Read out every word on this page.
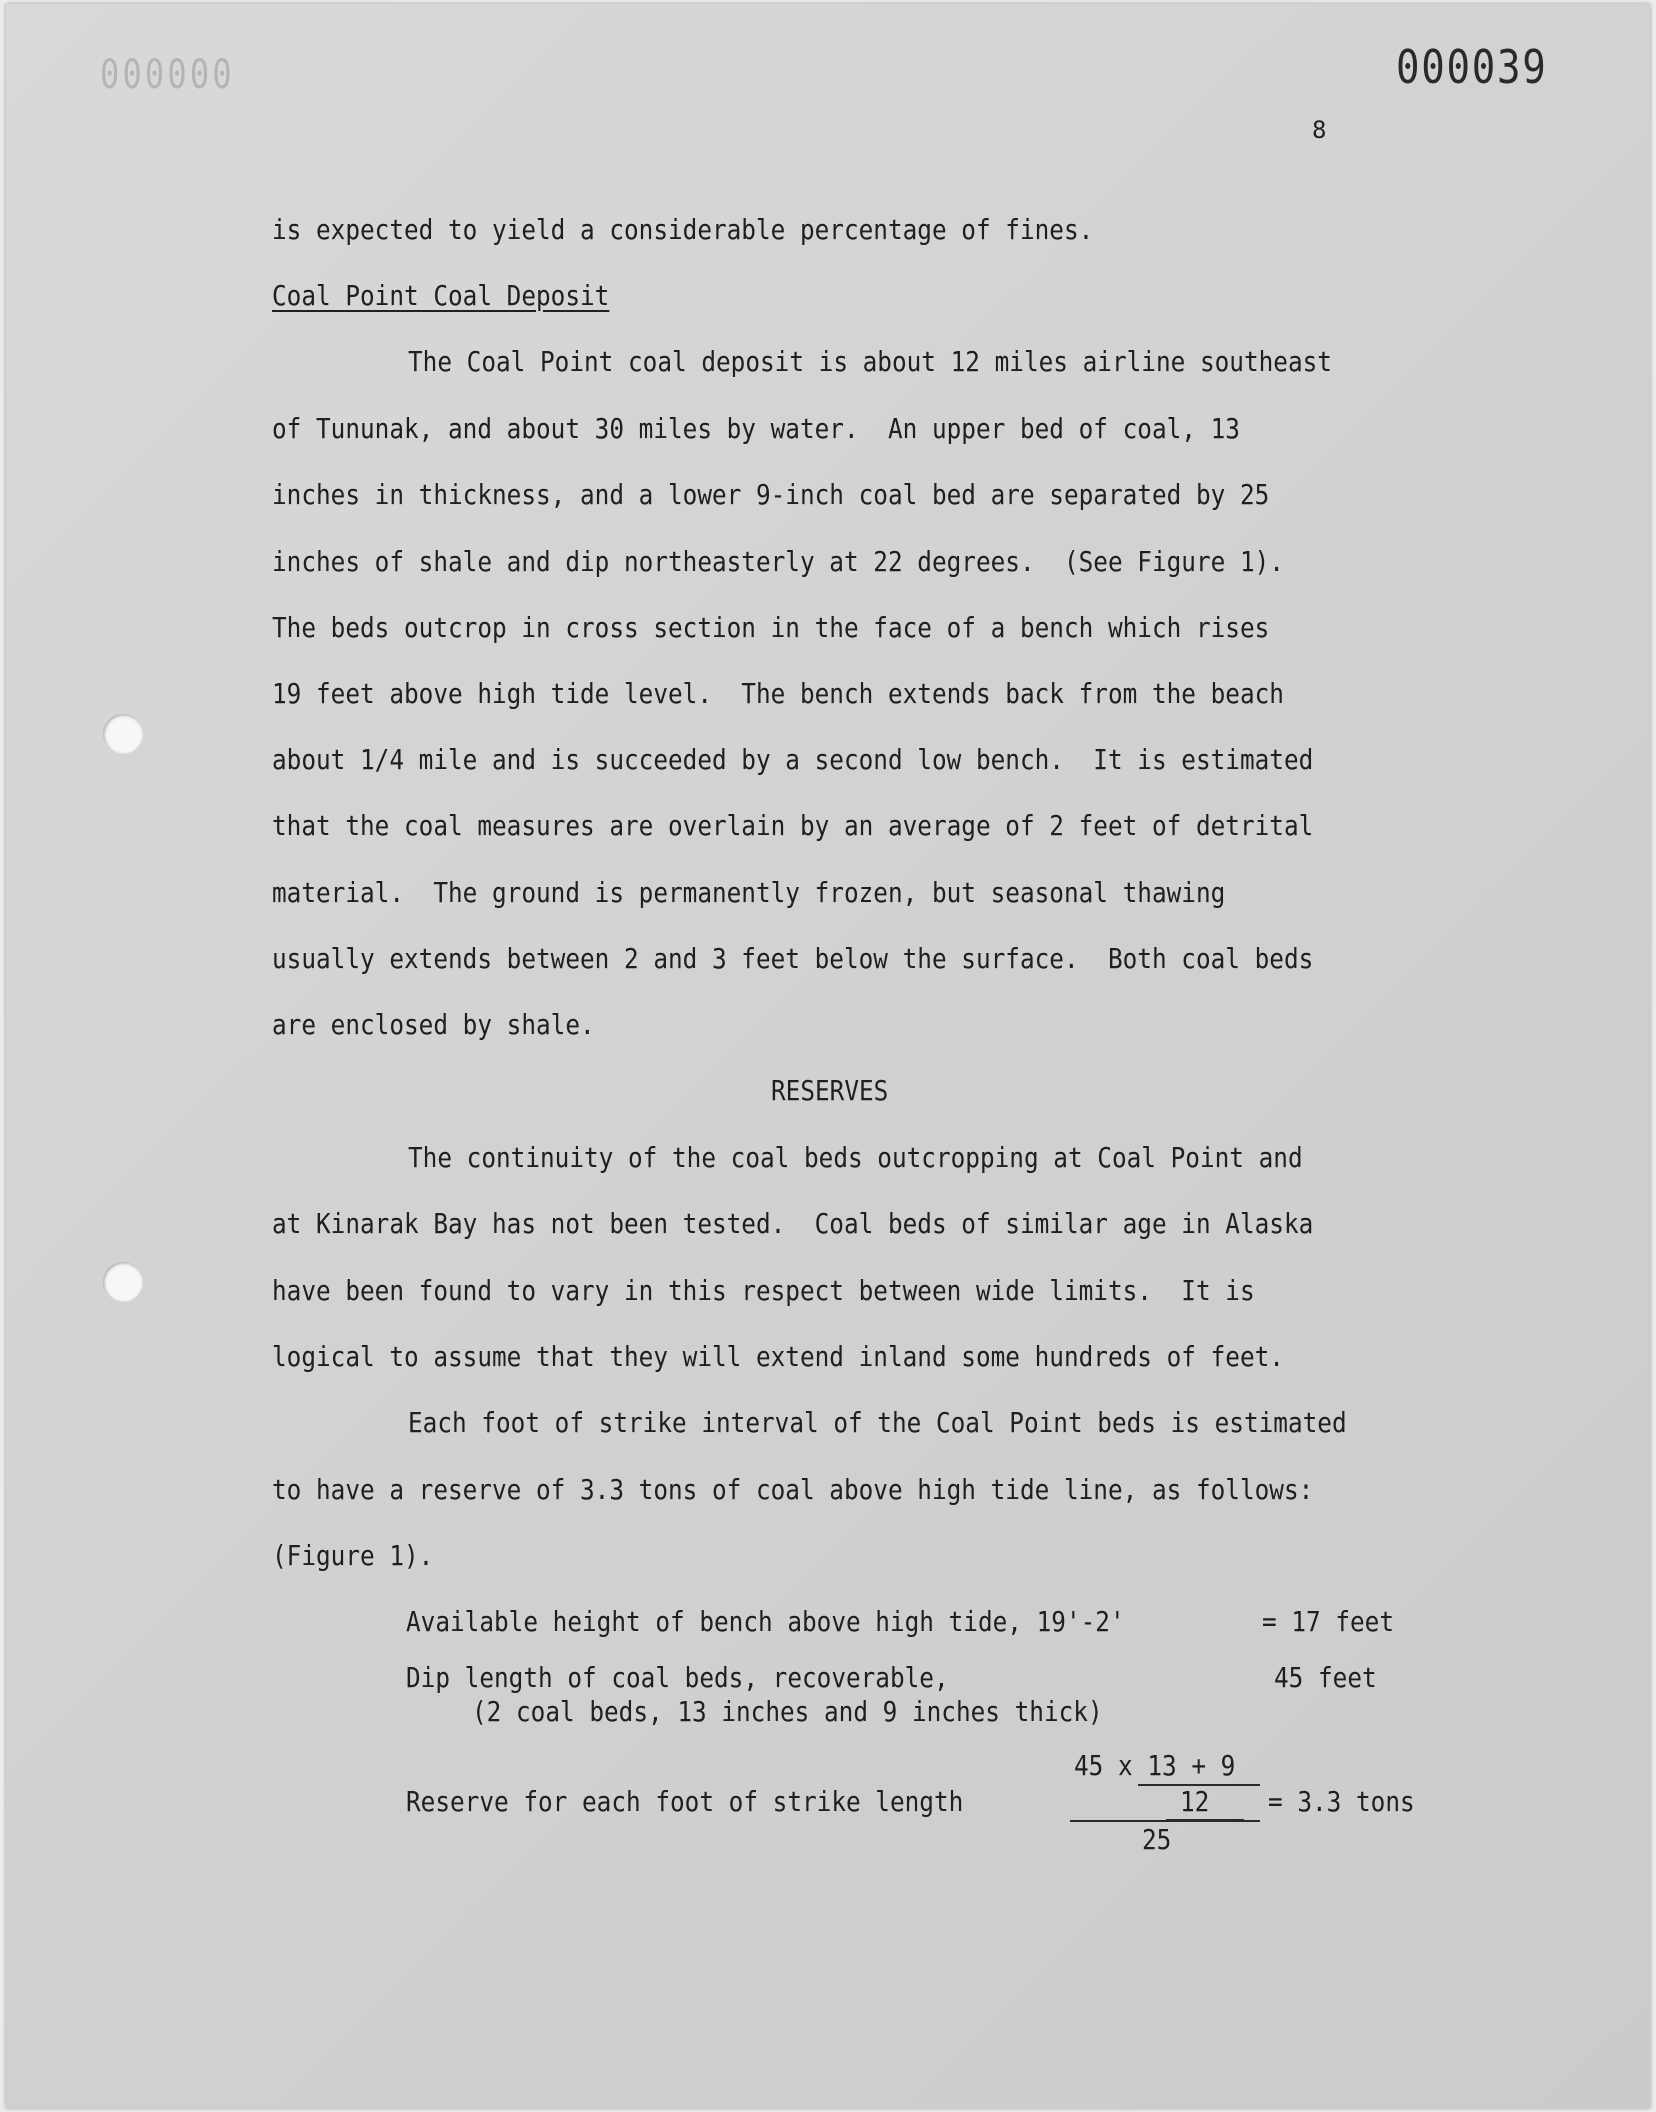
000000	000039
8
is expected to yield a considerable percentage of fines.
Coal Point Coal Deposit
The Coal Point coal deposit is about 12 miles airline southeast
of Tununak, and about 30 miles by water.  An upper bed of coal, 13
inches in thickness, and a lower 9-inch coal bed are separated by 25
inches of shale and dip northeasterly at 22 degrees.  (See Figure 1).
The beds outcrop in cross section in the face of a bench which rises
19 feet above high tide level.  The bench extends back from the beach
about 1/4 mile and is succeeded by a second low bench.  It is estimated
that the coal measures are overlain by an average of 2 feet of detrital
material.  The ground is permanently frozen, but seasonal thawing
usually extends between 2 and 3 feet below the surface.  Both coal beds
are enclosed by shale.
RESERVES
The continuity of the coal beds outcropping at Coal Point and
at Kinarak Bay has not been tested.  Coal beds of similar age in Alaska
have been found to vary in this respect between wide limits.  It is
logical to assume that they will extend inland some hundreds of feet.
Each foot of strike interval of the Coal Point beds is estimated
to have a reserve of 3.3 tons of coal above high tide line, as follows:
(Figure 1).
Available height of bench above high tide, 19'-2'	= 17 feet
Dip length of coal beds, recoverable,	45 feet
(2 coal beds, 13 inches and 9 inches thick)
Reserve for each foot of strike length
45 x 13 + 9
12
25
= 3.3 tons
